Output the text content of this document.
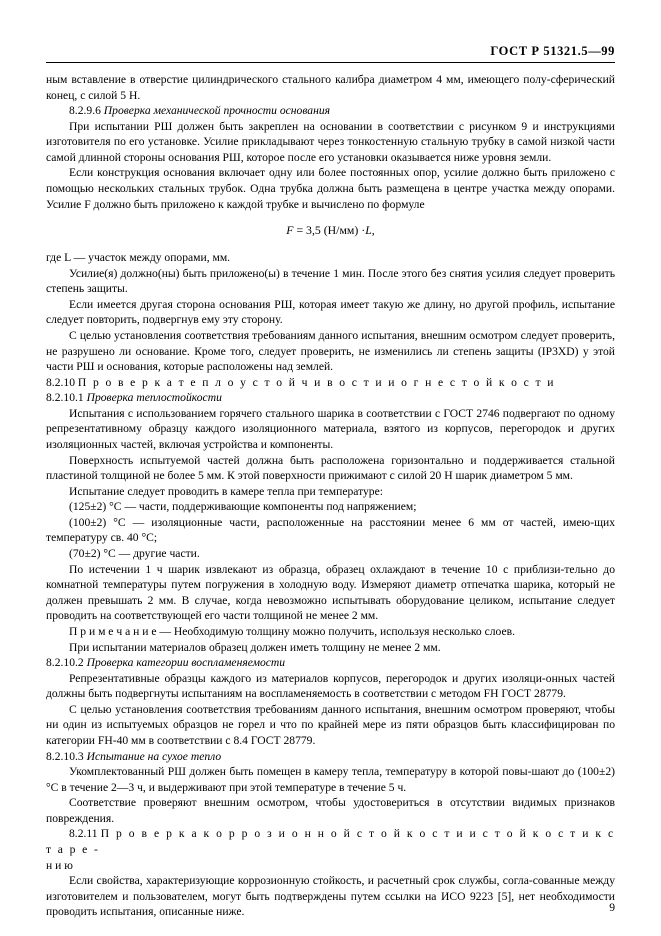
ГОСТ Р 51321.5—99

ным вставление в отверстие цилиндрического стального калибра диаметром 4 мм, имеющего полу-сферический конец, с силой 5 Н.

8.2.9.6 Проверка механической прочности основания

При испытании РШ должен быть закреплен на основании в соответствии с рисунком 9 и инструкциями изготовителя по его установке. Усилие прикладывают через тонкостенную стальную трубку в самой низкой части самой длинной стороны основания РШ, которое после его установки оказывается ниже уровня земли.

Если конструкция основания включает одну или более постоянных опор, усилие должно быть приложено с помощью нескольких стальных трубок. Одна трубка должна быть размещена в центре участка между опорами. Усилие F должно быть приложено к каждой трубке и вычислено по формуле

F = 3,5 (Н/мм) ·L,

где L — участок между опорами, мм.

Усилие(я) должно(ны) быть приложено(ы) в течение 1 мин. После этого без снятия усилия следует проверить степень защиты.

Если имеется другая сторона основания РШ, которая имеет такую же длину, но другой профиль, испытание следует повторить, подвергнув ему эту сторону.

С целью установления соответствия требованиям данного испытания, внешним осмотром следует проверить, не разрушено ли основание. Кроме того, следует проверить, не изменились ли степень защиты (IP3XD) у этой части РШ и основания, которые расположены над землей.

8.2.10 П р о в е р к а т е п л о у с т о й ч и в о с т и и о г н е с т о й к о с т и

8.2.10.1 Проверка теплостойкости

Испытания с использованием горячего стального шарика в соответствии с ГОСТ 2746 подвергают по одному репрезентативному образцу каждого изоляционного материала, взятого из корпусов, перегородок и других изоляционных частей, включая устройства и компоненты.

Поверхность испытуемой частей должна быть расположена горизонтально и поддерживается стальной пластиной толщиной не более 5 мм. К этой поверхности прижимают с силой 20 Н шарик диаметром 5 мм.

Испытание следует проводить в камере тепла при температуре:

(125±2) °С — части, поддерживающие компоненты под напряжением;

(100±2) °С — изоляционные части, расположенные на расстоянии менее 6 мм от частей, имею-щих температуру св. 40 °С;

(70±2) °С — другие части.

По истечении 1 ч шарик извлекают из образца, образец охлаждают в течение 10 с приблизи-тельно до комнатной температуры путем погружения в холодную воду. Измеряют диаметр отпечатка шарика, который не должен превышать 2 мм. В случае, когда невозможно испытывать оборудование целиком, испытание следует проводить на соответствующей его части толщиной не менее 2 мм.

П р и м е ч а н и е — Необходимую толщину можно получить, используя несколько слоев.

При испытании материалов образец должен иметь толщину не менее 2 мм.

8.2.10.2 Проверка категории воспламеняемости

Репрезентативные образцы каждого из материалов корпусов, перегородок и других изоляци-онных частей должны быть подвергнуты испытаниям на воспламеняемость в соответствии с методом FH ГОСТ 28779.

С целью установления соответствия требованиям данного испытания, внешним осмотром проверяют, чтобы ни один из испытуемых образцов не горел и что по крайней мере из пяти образцов быть классифицирован по категории FH-40 мм в соответствии с 8.4 ГОСТ 28779.

8.2.10.3 Испытание на сухое тепло

Укомплектованный РШ должен быть помещен в камеру тепла, температуру в которой повы-шают до (100±2) °С в течение 2—3 ч, и выдерживают при этой температуре в течение 5 ч.

Соответствие проверяют внешним осмотром, чтобы удостовериться в отсутствии видимых признаков повреждения.

8.2.11 П р о в е р к а к о р р о з и о н н о й с т о й к о с т и и с т о й к о с т и к с т а р е -

н и ю

Если свойства, характеризующие коррозионную стойкость, и расчетный срок службы, согла-сованные между изготовителем и пользователем, могут быть подтверждены путем ссылки на ИСО 9223 [5], нет необходимости проводить испытания, описанные ниже.	9
